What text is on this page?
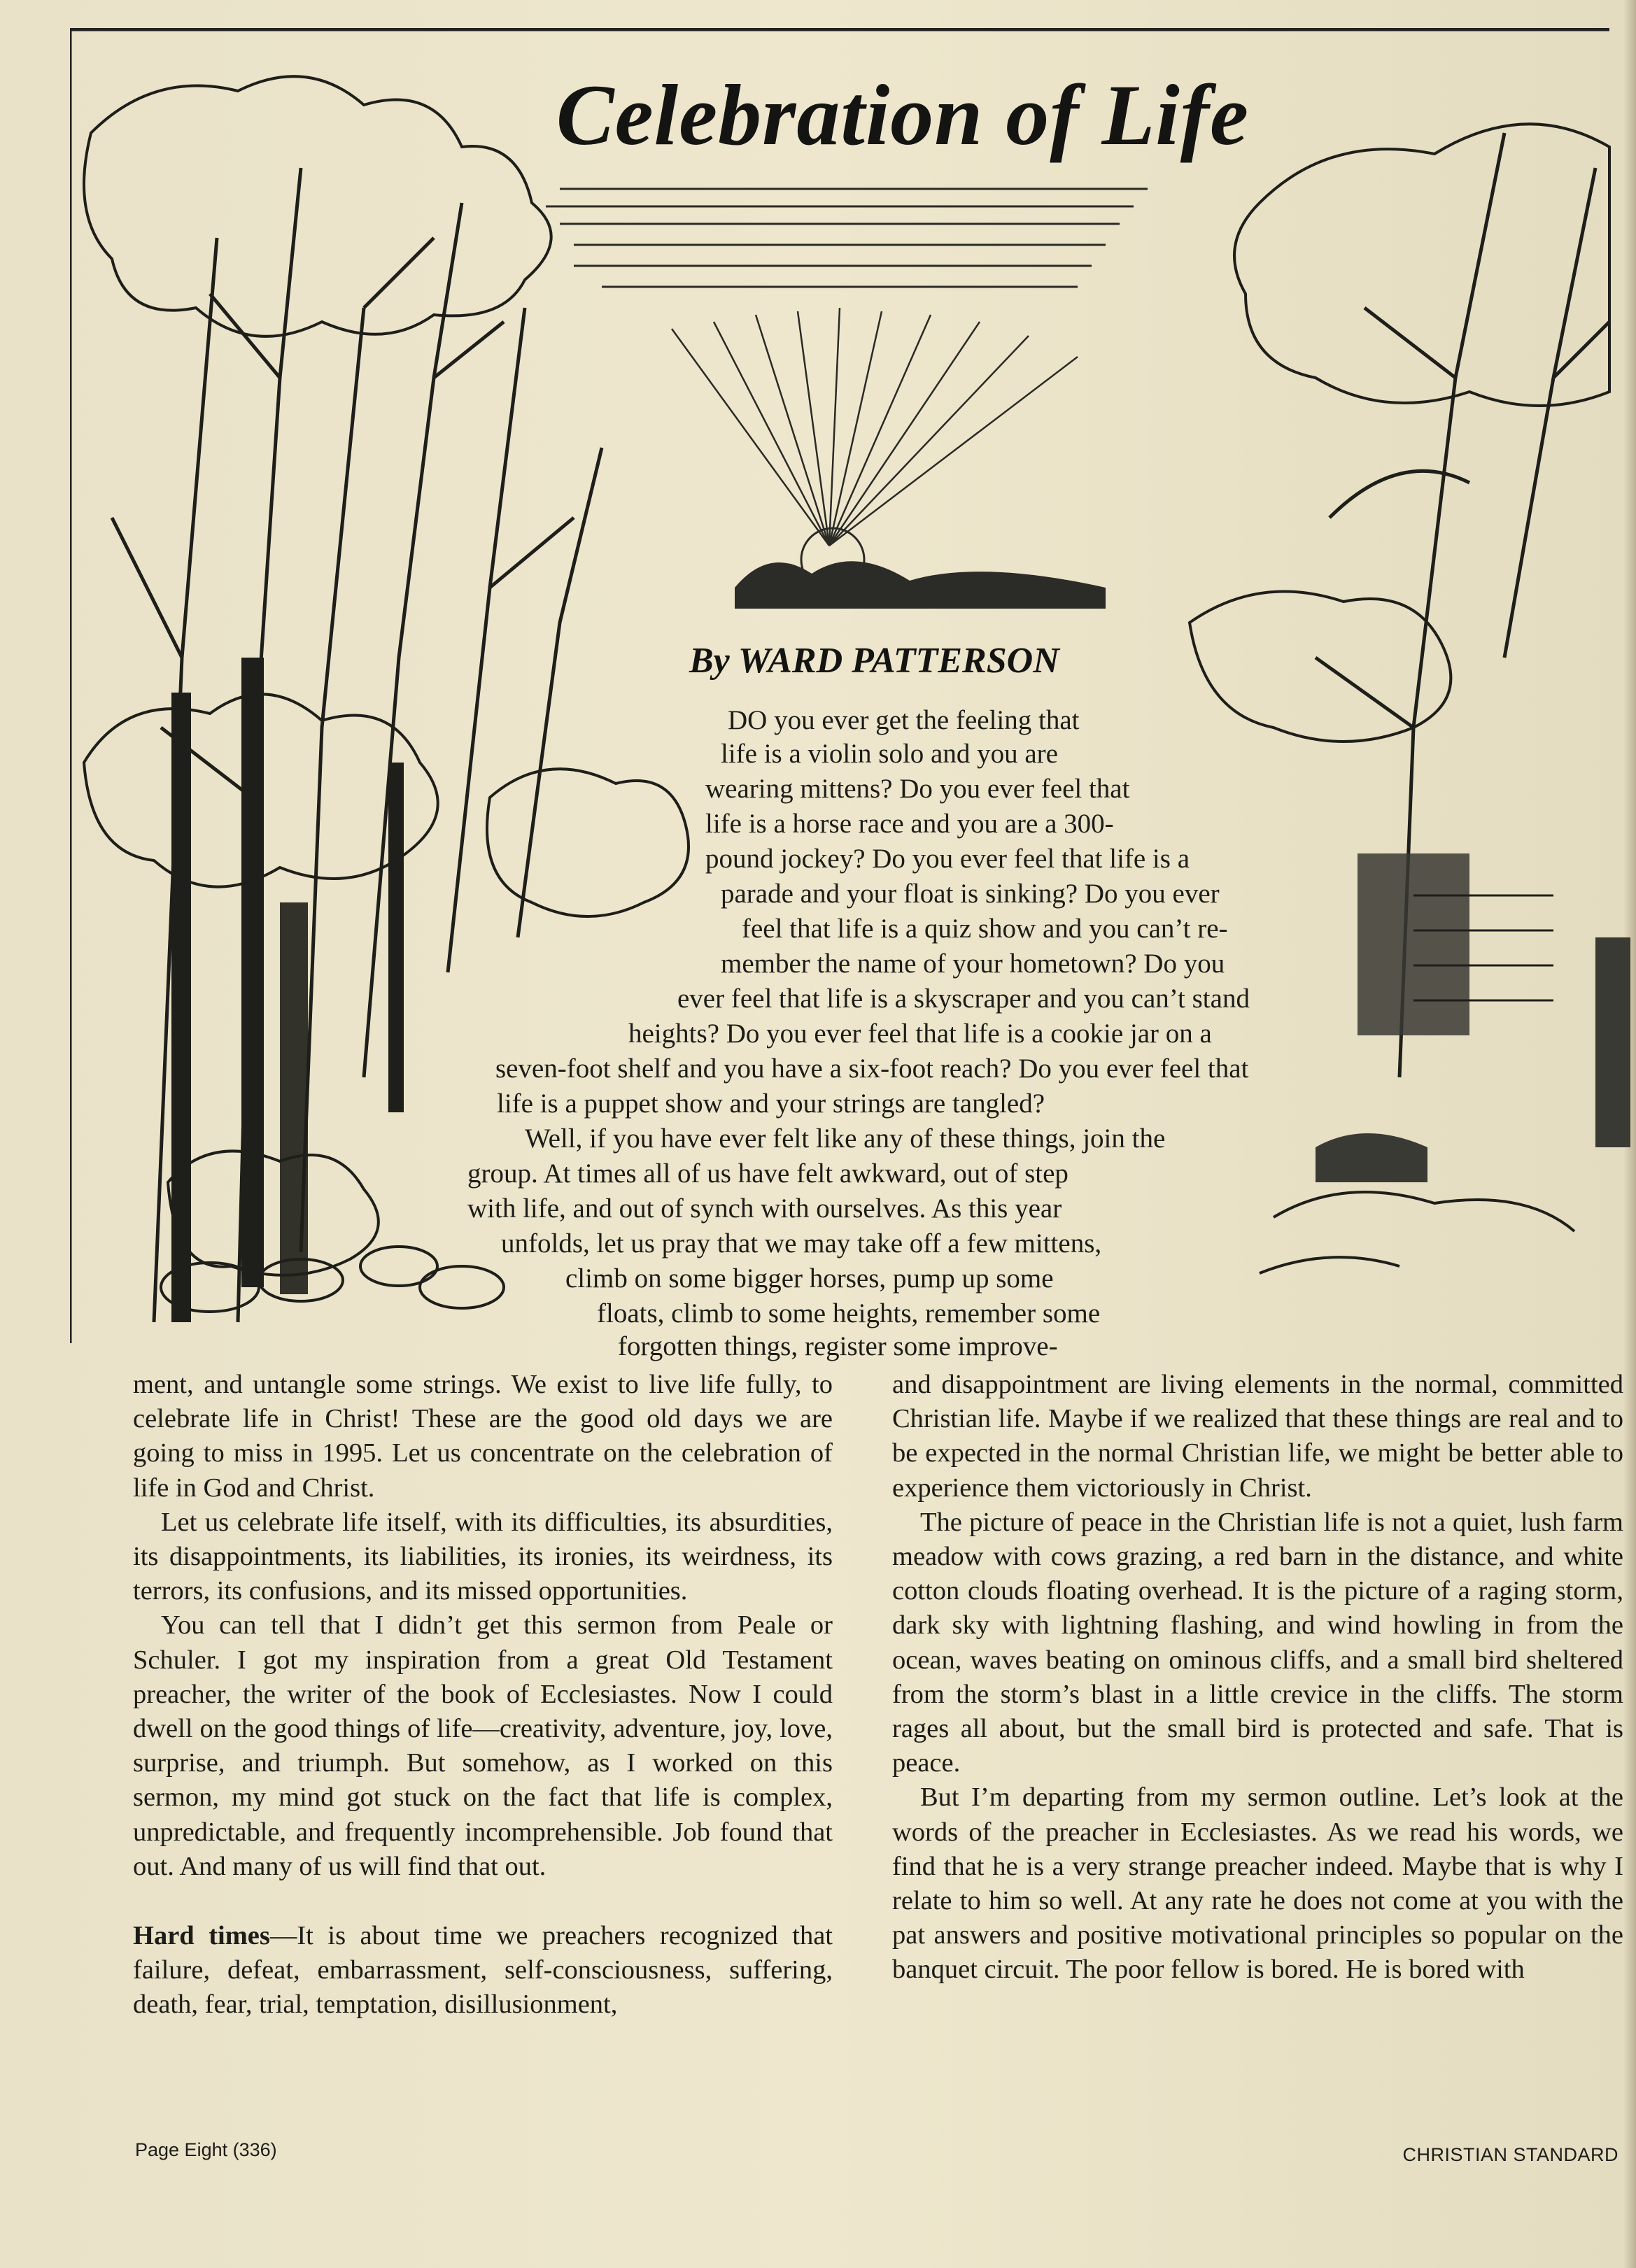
Celebration of Life
By WARD PATTERSON
DO you ever get the feeling that
life is a violin solo and you are
wearing mittens? Do you ever feel that
life is a horse race and you are a 300-
pound jockey? Do you ever feel that life is a
parade and your float is sinking? Do you ever
feel that life is a quiz show and you can’t re-
member the name of your hometown? Do you
ever feel that life is a skyscraper and you can’t stand
heights? Do you ever feel that life is a cookie jar on a
seven-foot shelf and you have a six-foot reach? Do you ever feel that
life is a puppet show and your strings are tangled?
Well, if you have ever felt like any of these things, join the
group. At times all of us have felt awkward, out of step
with life, and out of synch with ourselves. As this year
unfolds, let us pray that we may take off a few mittens,
climb on some bigger horses, pump up some
floats, climb to some heights, remember some
forgotten things, register some improve-

ment, and untangle some strings. We exist to live life fully, to celebrate life in Christ! These are the good old days we are going to miss in 1995. Let us concentrate on the celebration of life in God and Christ.

Let us celebrate life itself, with its difficulties, its absurdities, its disappointments, its liabilities, its ironies, its weirdness, its terrors, its confusions, and its missed opportunities.

You can tell that I didn’t get this sermon from Peale or Schuler. I got my inspiration from a great Old Testament preacher, the writer of the book of Ecclesiastes. Now I could dwell on the good things of life—creativity, adventure, joy, love, surprise, and triumph. But somehow, as I worked on this sermon, my mind got stuck on the fact that life is complex, unpredictable, and frequently incomprehensible. Job found that out. And many of us will find that out.

Hard times—It is about time we preachers recognized that failure, defeat, embarrassment, self-consciousness, suffering, death, fear, trial, temptation, disillusionment,

and disappointment are living elements in the normal, committed Christian life. Maybe if we realized that these things are real and to be expected in the normal Christian life, we might be better able to experience them victoriously in Christ.

The picture of peace in the Christian life is not a quiet, lush farm meadow with cows grazing, a red barn in the distance, and white cotton clouds floating overhead. It is the picture of a raging storm, dark sky with lightning flashing, and wind howling in from the ocean, waves beating on ominous cliffs, and a small bird sheltered from the storm’s blast in a little crevice in the cliffs. The storm rages all about, but the small bird is protected and safe. That is peace.

But I’m departing from my sermon outline. Let’s look at the words of the preacher in Ecclesiastes. As we read his words, we find that he is a very strange preacher indeed. Maybe that is why I relate to him so well. At any rate he does not come at you with the pat answers and positive motivational principles so popular on the banquet circuit. The poor fellow is bored. He is bored with

Page Eight (336)	CHRISTIAN STANDARD
